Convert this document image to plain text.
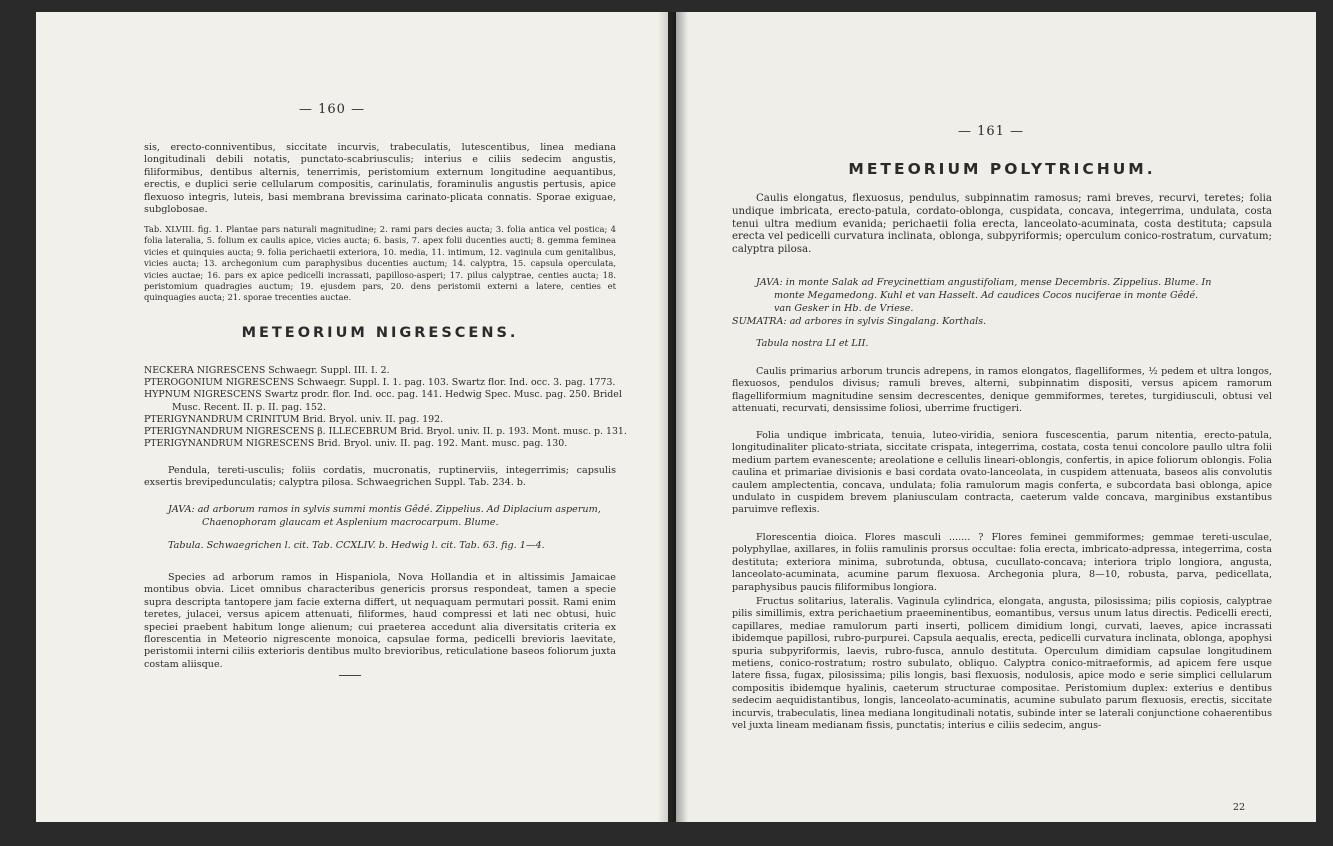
— 160 —
sis, erecto-conniventibus, siccitate incurvis, trabeculatis, lutescentibus, linea mediana longitudinali debili notatis, punctato-scabriusculis; interius e ciliis sedecim angustis, filiformibus, dentibus alternis, tenerrimis, peristomium externum longitudine aequantibus, erectis, e duplici serie cellularum compositis, carinulatis, foraminulis angustis pertusis, apice flexuoso integris, luteis, basi membrana brevissima carinato-plicata connatis. Sporae exiguae, subglobosae.
Tab. XLVIII. fig. 1. Plantae pars naturali magnitudine; 2. rami pars decies aucta; 3. folia antica vel postica; 4 folia lateralia, 5. folium ex caulis apice, vicies aucta; 6. basis, 7. apex folii ducenties aucti; 8. gemma feminea vicies et quinquies aucta; 9. folia perichaetii exteriora, 10. media, 11. intimum, 12. vaginula cum genitalibus, vicies aucta; 13. archegonium cum paraphysibus ducenties auctum; 14. calyptra, 15. capsula operculata, vicies auctae; 16. pars ex apice pedicelli incrassati, papilloso-asperi; 17. pilus calyptrae, centies aucta; 18. peristomium quadragies auctum; 19. ejusdem pars, 20. dens peristomii externi a latere, centies et quinquagies aucta; 21. sporae trecenties auctae.
METEORIUM NIGRESCENS.
NECKERA NIGRESCENS Schwaegr. Suppl. III. I. 2.
PTEROGONIUM NIGRESCENS Schwaegr. Suppl. I. 1. pag. 103. Swartz flor. Ind. occ. 3. pag. 1773.
HYPNUM NIGRESCENS Swartz prodr. flor. Ind. occ. pag. 141. Hedwig Spec. Musc. pag. 250. Bridel
Musc. Recent. II. p. II. pag. 152.
PTERIGYNANDRUM CRINITUM Brid. Bryol. univ. II. pag. 192.
PTERIGYNANDRUM NIGRESCENS β. ILLECEBRUM Brid. Bryol. univ. II. p. 193. Mont. musc. p. 131.
PTERIGYNANDRUM NIGRESCENS Brid. Bryol. univ. II. pag. 192. Mant. musc. pag. 130.
Pendula, tereti-usculis; foliis cordatis, mucronatis, ruptinerviis, integerrimis; capsulis exsertis brevipedunculatis; calyptra pilosa. Schwaegrichen Suppl. Tab. 234. b.
JAVA: ad arborum ramos in sylvis summi montis Gêdé. Zippelius. Ad Diplacium asperum,
Chaenophoram glaucam et Asplenium macrocarpum. Blume.
Tabula. Schwaegrichen l. cit. Tab. CCXLIV. b. Hedwig l. cit. Tab. 63. fig. 1—4.
Species ad arborum ramos in Hispaniola, Nova Hollandia et in altissimis Jamaicae montibus obvia. Licet omnibus characteribus genericis prorsus respondeat, tamen a specie supra descripta tantopere jam facie externa differt, ut nequaquam permutari possit. Rami enim teretes, julacei, versus apicem attenuati, filiformes, haud compressi et lati nec obtusi, huic speciei praebent habitum longe alienum; cui praeterea accedunt alia diversitatis criteria ex florescentia in Meteorio nigrescente monoica, capsulae forma, pedicelli brevioris laevitate, peristomii interni ciliis exterioris dentibus multo brevioribus, reticulatione baseos foliorum juxta costam aliisque.
— 161 —
METEORIUM POLYTRICHUM.
Caulis elongatus, flexuosus, pendulus, subpinnatim ramosus; rami breves, recurvi, teretes; folia undique imbricata, erecto-patula, cordato-oblonga, cuspidata, concava, integerrima, undulata, costa tenui ultra medium evanida; perichaetii folia erecta, lanceolato-acuminata, costa destituta; capsula erecta vel pedicelli curvatura inclinata, oblonga, subpyriformis; operculum conico-rostratum, curvatum; calyptra pilosa.
JAVA: in monte Salak ad Freycinettiam angustifoliam, mense Decembris. Zippelius. Blume. In
monte Megamedong. Kuhl et van Hasselt. Ad caudices Cocos nuciferae in monte Gêdé.
van Gesker in Hb. de Vriese.
SUMATRA: ad arbores in sylvis Singalang. Korthals.
Tabula nostra LI et LII.
Caulis primarius arborum truncis adrepens, in ramos elongatos, flagelliformes, ½ pedem et ultra longos, flexuosos, pendulos divisus; ramuli breves, alterni, subpinnatim dispositi, versus apicem ramorum flagelliformium magnitudine sensim decrescentes, denique gemmiformes, teretes, turgidiusculi, obtusi vel attenuati, recurvati, densissime foliosi, uberrime fructigeri.
Folia undique imbricata, tenuia, luteo-viridia, seniora fuscescentia, parum nitentia, erecto-patula, longitudinaliter plicato-striata, siccitate crispata, integerrima, costata, costa tenui concolore paullo ultra folii medium partem evanescente; areolatione e cellulis lineari-oblongis, confertis, in apice foliorum oblongis. Folia caulina et primariae divisionis e basi cordata ovato-lanceolata, in cuspidem attenuata, baseos alis convolutis caulem amplectentia, concava, undulata; folia ramulorum magis conferta, e subcordata basi oblonga, apice undulato in cuspidem brevem planiusculam contracta, caeterum valde concava, marginibus exstantibus paruimve reflexis.
Florescentia dioica. Flores masculi ....... ? Flores feminei gemmiformes; gemmae tereti-usculae, polyphyllae, axillares, in foliis ramulinis prorsus occultae: folia erecta, imbricato-adpressa, integerrima, costa destituta; exteriora minima, subrotunda, obtusa, cucullato-concava; interiora triplo longiora, angusta, lanceolato-acuminata, acumine parum flexuosa. Archegonia plura, 8—10, robusta, parva, pedicellata, paraphysibus paucis filiformibus longiora.
Fructus solitarius, lateralis. Vaginula cylindrica, elongata, angusta, pilosissima; pilis copiosis, calyptrae pilis simillimis, extra perichaetium praeeminentibus, eomantibus, versus unum latus directis. Pedicelli erecti, capillares, mediae ramulorum parti inserti, pollicem dimidium longi, curvati, laeves, apice incrassati ibidemque papillosi, rubro-purpurei. Capsula aequalis, erecta, pedicelli curvatura inclinata, oblonga, apophysi spuria subpyriformis, laevis, rubro-fusca, annulo destituta. Operculum dimidiam capsulae longitudinem metiens, conico-rostratum; rostro subulato, obliquo. Calyptra conico-mitraeformis, ad apicem fere usque latere fissa, fugax, pilosissima; pilis longis, basi flexuosis, nodulosis, apice modo e serie simplici cellularum compositis ibidemque hyalinis, caeterum structurae compositae. Peristomium duplex: exterius e dentibus sedecim aequidistantibus, longis, lanceolato-acuminatis, acumine subulato parum flexuosis, erectis, siccitate incurvis, trabeculatis, linea mediana longitudinali notatis, subinde inter se laterali conjunctione cohaerentibus vel juxta lineam medianam fissis, punctatis; interius e ciliis sedecim, angus-
22
